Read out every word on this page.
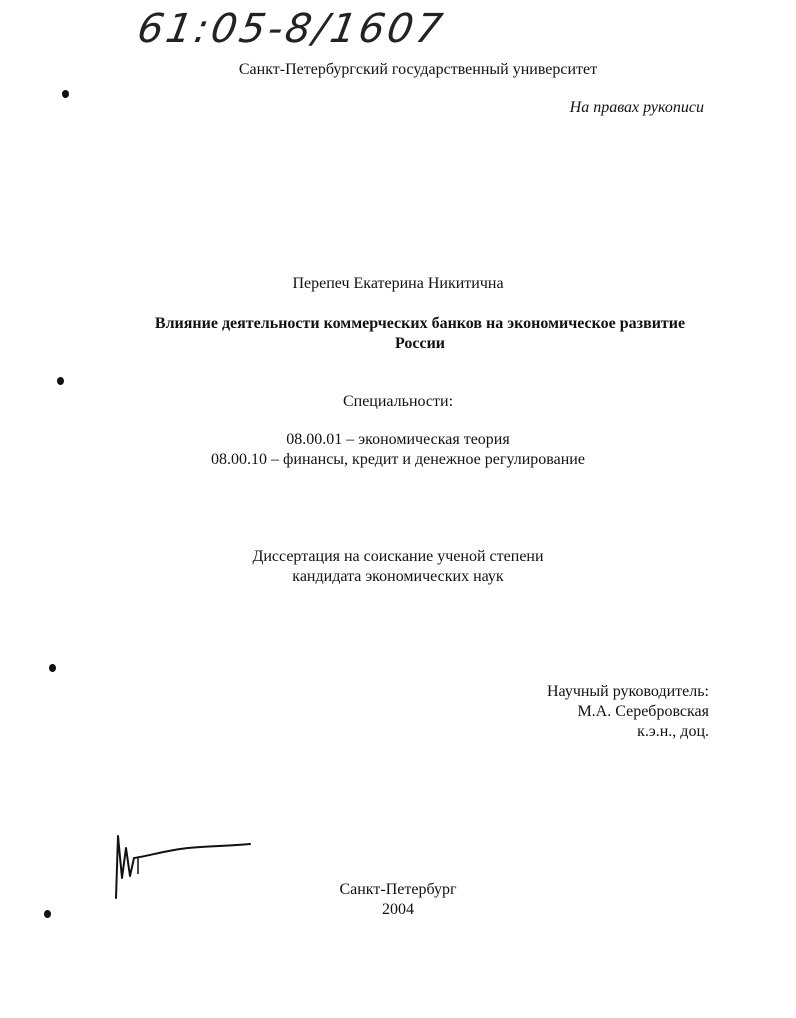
61:05-8/1607
Санкт-Петербургский государственный университет
На правах рукописи
Перепеч Екатерина Никитична
Влияние деятельности коммерческих банков на экономическое развитие
России
Специальности:
08.00.01 – экономическая теория
08.00.10 – финансы, кредит и денежное регулирование
Диссертация на соискание ученой степени
кандидата экономических наук
Научный руководитель:
М.А. Серебровская
к.э.н., доц.
Санкт-Петербург
2004
